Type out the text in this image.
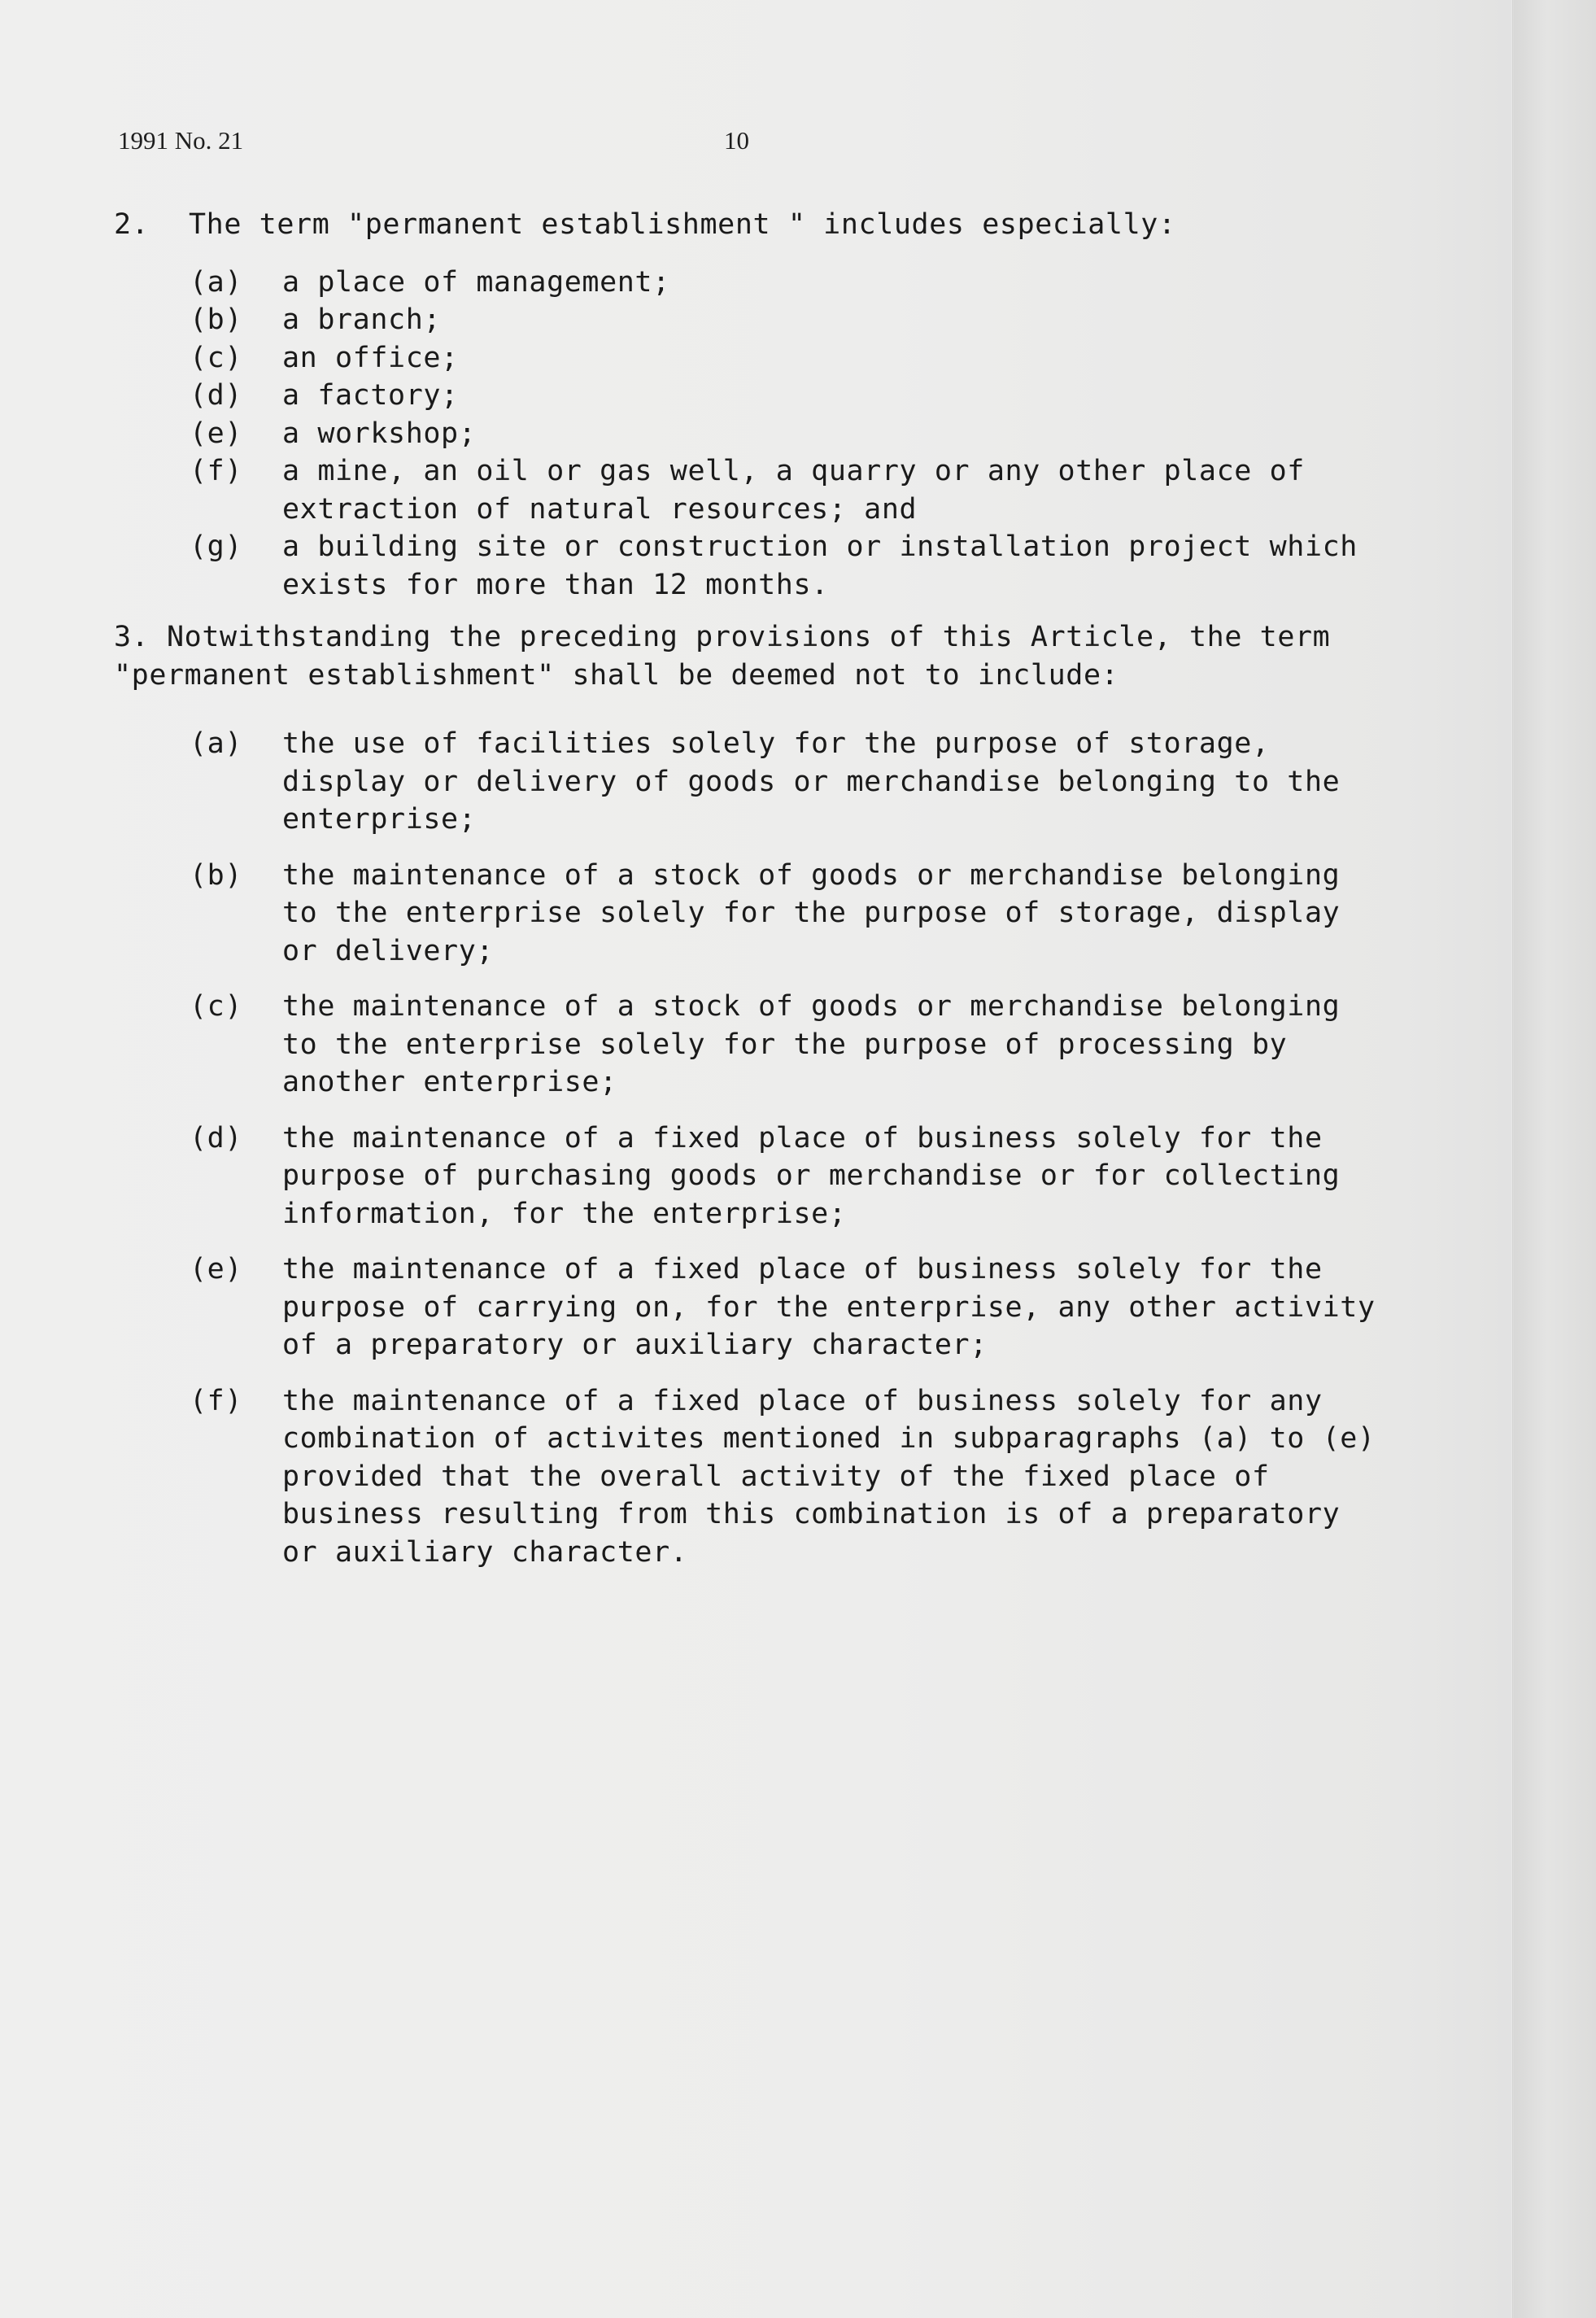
1991 No. 21	10
2.	The term "permanent establishment " includes especially:
(a)	a place of management;
(b)	a branch;
(c)	an office;
(d)	a factory;
(e)	a workshop;
(f)	a mine, an oil or gas well, a quarry or any other place of extraction of natural resources; and
(g)	a building site or construction or installation project which exists for more than 12 months.
3. Notwithstanding the preceding provisions of this Article, the term "permanent establishment" shall be deemed not to include:
(a)	the use of facilities solely for the purpose of storage, display or delivery of goods or merchandise belonging to the enterprise;
(b)	the maintenance of a stock of goods or merchandise belonging to the enterprise solely for the purpose of storage, display or delivery;
(c)	the maintenance of a stock of goods or merchandise belonging to the enterprise solely for the purpose of processing by another enterprise;
(d)	the maintenance of a fixed place of business solely for the purpose of purchasing goods or merchandise or for collecting information, for the enterprise;
(e)	the maintenance of a fixed place of business solely for the purpose of carrying on, for the enterprise, any other activity of a preparatory or auxiliary character;
(f)	the maintenance of a fixed place of business solely for any combination of activites mentioned in subparagraphs (a) to (e) provided that the overall activity of the fixed place of business resulting from this combination is of a preparatory or auxiliary character.
